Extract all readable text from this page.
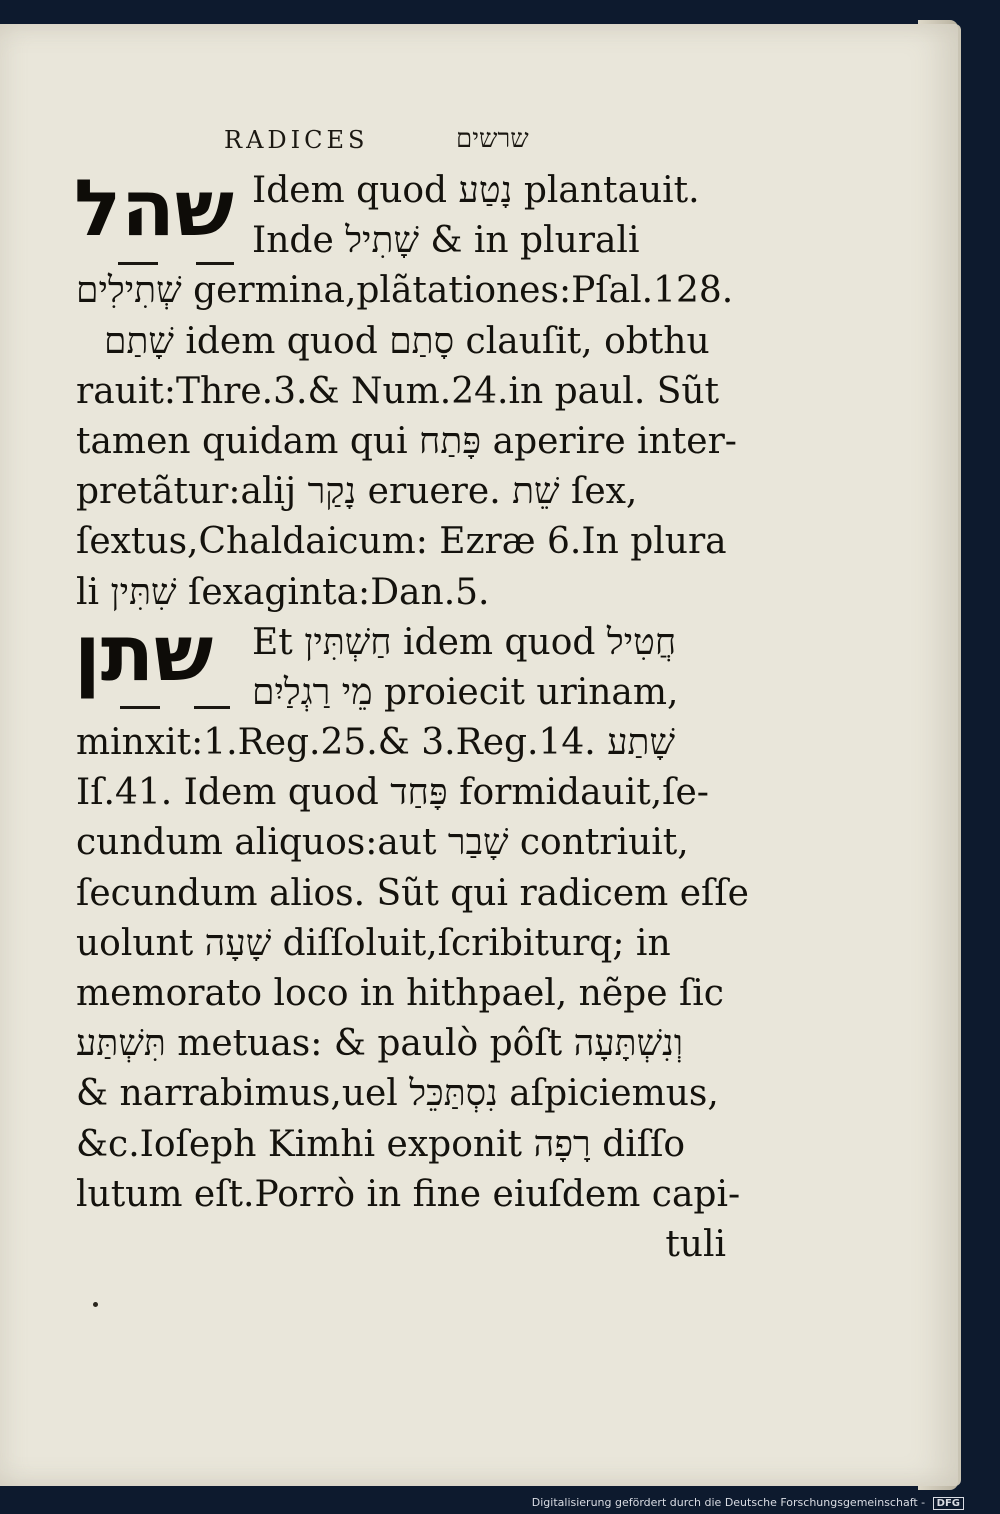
RADICES	שרשים
שהל
שתן
Idem quod נָטַע plantauit.
Inde שָׁתִיל & in plurali
שְׁתִילִים germina,plãtationes:Pſal.128.
שָׁתַם idem quod סָתַם clauſit, obthu
rauit:Thre.3.& Num.24.in paul. Sũt
tamen quidam qui פָּתַח aperire inter-
pretãtur:alij נָקַר eruere. שֵׁת ſex,
ſextus,Chaldaicum: Ezræ 6.In plura
li שִׁתִּין ſexaginta:Dan.5.
Et חַשְׁתִּין idem quod חֲטִיל
מֵי רַגְלַיִם proiecit urinam,
minxit:1.Reg.25.& 3.Reg.14. שָׁתַע
Iſ.41. Idem quod פָּחַד formidauit,ſe-
cundum aliquos:aut שָׁבַר contriuit,
ſecundum alios. Sũt qui radicem eſſe
uolunt שָׁעָה diſſoluit,ſcribiturq; in
memorato loco in hithpael, nẽpe ſic
תִּשְׁתַּע metuas: & paulò pôſt וְנִשְׁתָּעָה
& narrabimus,uel נִסְתַּכֵּל aſpiciemus,
&c.Ioſeph Kimhi exponit רָפָה diſſo
lutum eſt.Porrò in fine eiuſdem capi-
tuli
Digitalisierung gefördert durch die Deutsche Forschungsgemeinschaft - DFG
